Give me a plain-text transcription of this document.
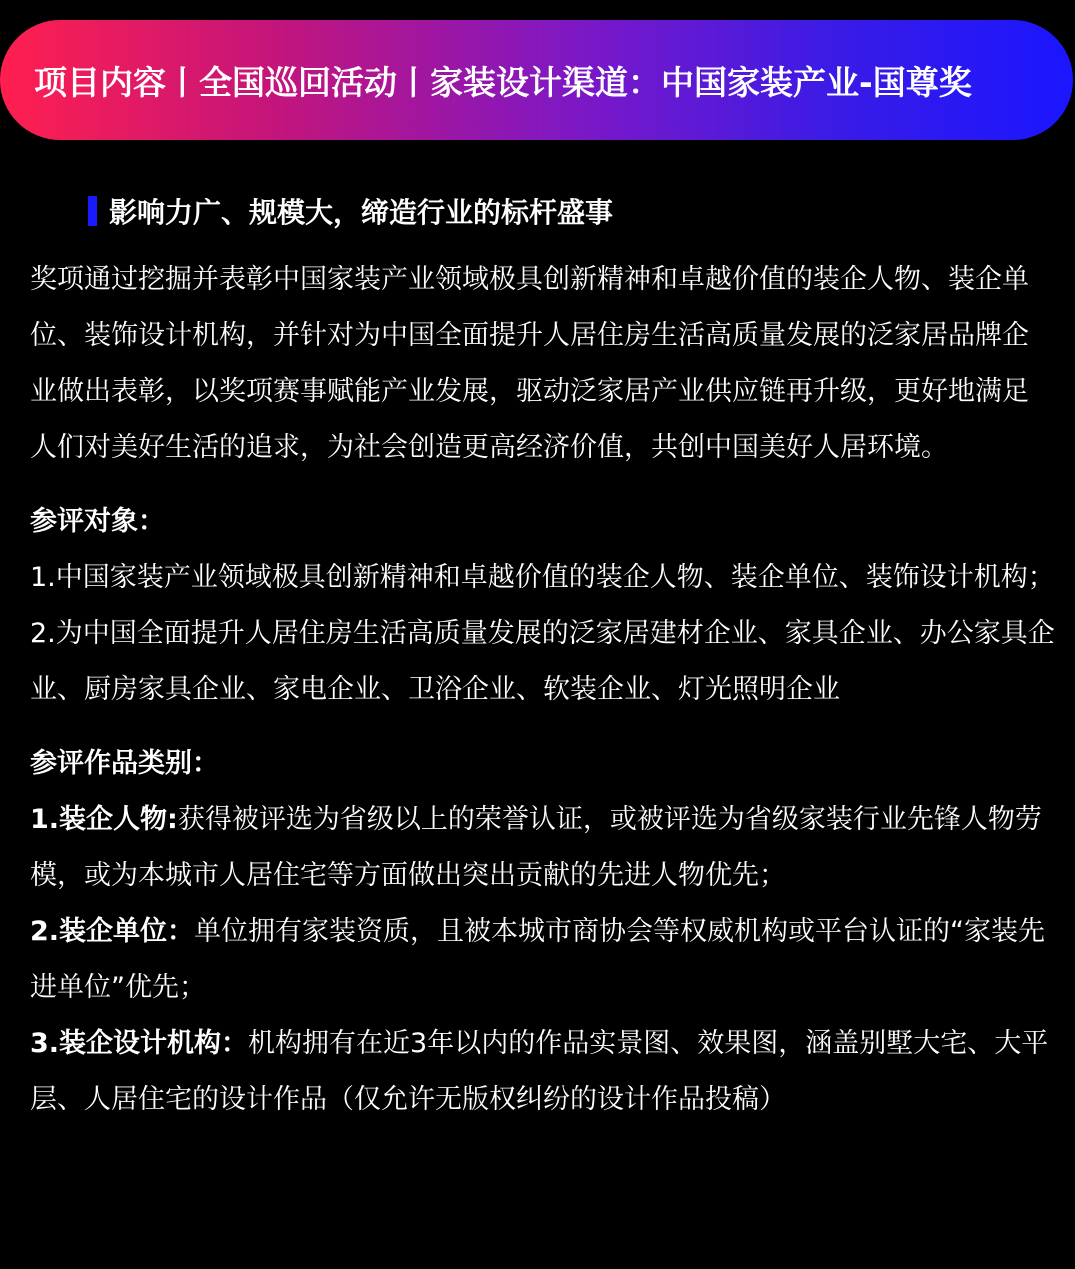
项目内容丨全国巡回活动丨家装设计渠道：中国家装产业-国尊奖
影响力广、规模大，缔造行业的标杆盛事

奖项通过挖掘并表彰中国家装产业领域极具创新精神和卓越价值的装企人物、装企单位、装饰设计机构，并针对为中国全面提升人居住房生活高质量发展的泛家居品牌企业做出表彰，以奖项赛事赋能产业发展，驱动泛家居产业供应链再升级，更好地满足人们对美好生活的追求，为社会创造更高经济价值，共创中国美好人居环境。

参评对象：

1.中国家装产业领域极具创新精神和卓越价值的装企人物、装企单位、装饰设计机构；

2.为中国全面提升人居住房生活高质量发展的泛家居建材企业、家具企业、办公家具企业、厨房家具企业、家电企业、卫浴企业、软装企业、灯光照明企业

参评作品类别：

1.装企人物:获得被评选为省级以上的荣誉认证，或被评选为省级家装行业先锋人物劳模，或为本城市人居住宅等方面做出突出贡献的先进人物优先；

2.装企单位：单位拥有家装资质，且被本城市商协会等权威机构或平台认证的“家装先进单位”优先；

3.装企设计机构：机构拥有在近3年以内的作品实景图、效果图，涵盖别墅大宅、大平层、人居住宅的设计作品（仅允许无版权纠纷的设计作品投稿）
